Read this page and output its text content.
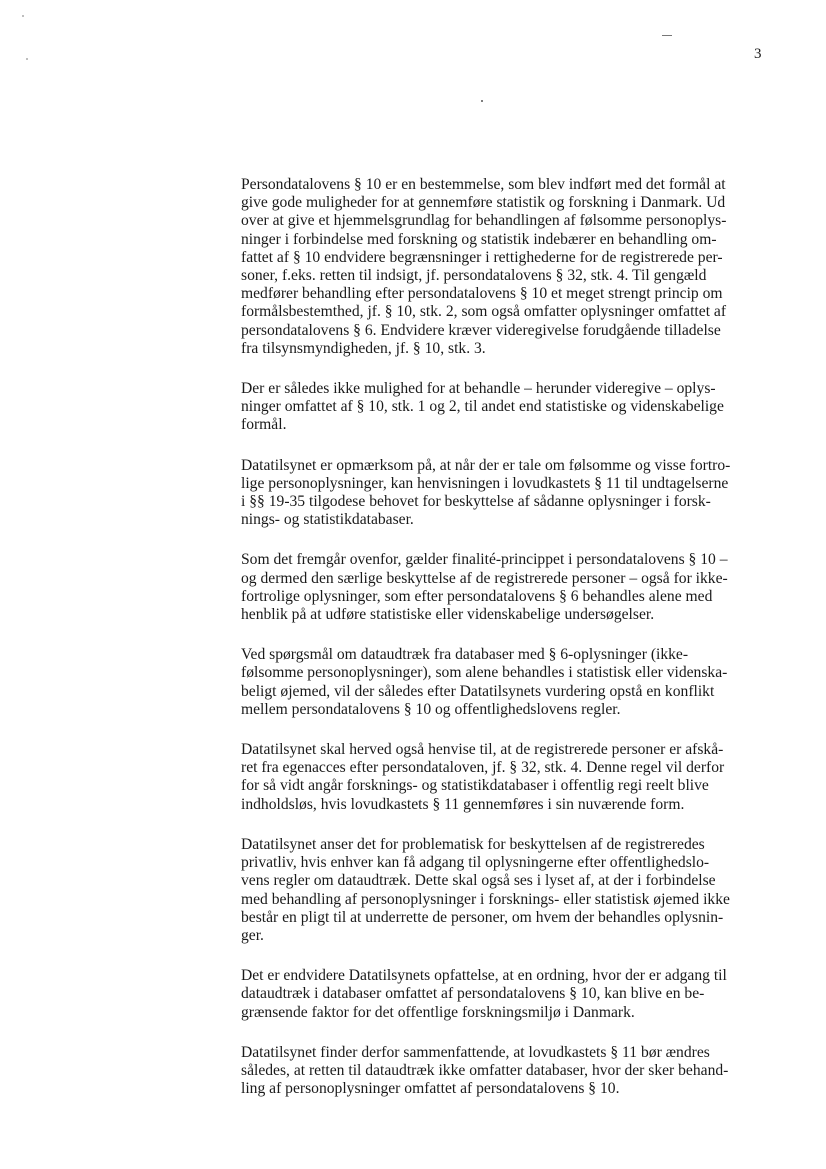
3

Persondatalovens § 10 er en bestemmelse, som blev indført med det formål at
give gode muligheder for at gennemføre statistik og forskning i Danmark. Ud
over at give et hjemmelsgrundlag for behandlingen af følsomme personoplys-
ninger i forbindelse med forskning og statistik indebærer en behandling om-
fattet af § 10 endvidere begrænsninger i rettighederne for de registrerede per-
soner, f.eks. retten til indsigt, jf. persondatalovens § 32, stk. 4. Til gengæld
medfører behandling efter persondatalovens § 10 et meget strengt princip om
formålsbestemthed, jf. § 10, stk. 2, som også omfatter oplysninger omfattet af
persondatalovens § 6. Endvidere kræver videregivelse forudgående tilladelse
fra tilsynsmyndigheden, jf. § 10, stk. 3.

Der er således ikke mulighed for at behandle – herunder videregive – oplys-
ninger omfattet af § 10, stk. 1 og 2, til andet end statistiske og videnskabelige
formål.

Datatilsynet er opmærksom på, at når der er tale om følsomme og visse fortro-
lige personoplysninger, kan henvisningen i lovudkastets § 11 til undtagelserne
i §§ 19-35 tilgodese behovet for beskyttelse af sådanne oplysninger i forsk-
nings- og statistikdatabaser.

Som det fremgår ovenfor, gælder finalité-princippet i persondatalovens § 10 –
og dermed den særlige beskyttelse af de registrerede personer – også for ikke-
fortrolige oplysninger, som efter persondatalovens § 6 behandles alene med
henblik på at udføre statistiske eller videnskabelige undersøgelser.

Ved spørgsmål om dataudtræk fra databaser med § 6-oplysninger (ikke-
følsomme personoplysninger), som alene behandles i statistisk eller videnska-
beligt øjemed, vil der således efter Datatilsynets vurdering opstå en konflikt
mellem persondatalovens § 10 og offentlighedslovens regler.

Datatilsynet skal herved også henvise til, at de registrerede personer er afskå-
ret fra egenacces efter persondataloven, jf. § 32, stk. 4. Denne regel vil derfor
for så vidt angår forsknings- og statistikdatabaser i offentlig regi reelt blive
indholdsløs, hvis lovudkastets § 11 gennemføres i sin nuværende form.

Datatilsynet anser det for problematisk for beskyttelsen af de registreredes
privatliv, hvis enhver kan få adgang til oplysningerne efter offentlighedslo-
vens regler om dataudtræk. Dette skal også ses i lyset af, at der i forbindelse
med behandling af personoplysninger i forsknings- eller statistisk øjemed ikke
består en pligt til at underrette de personer, om hvem der behandles oplysnin-
ger.

Det er endvidere Datatilsynets opfattelse, at en ordning, hvor der er adgang til
dataudtræk i databaser omfattet af persondatalovens § 10, kan blive en be-
grænsende faktor for det offentlige forskningsmiljø i Danmark.

Datatilsynet finder derfor sammenfattende, at lovudkastets § 11 bør ændres
således, at retten til dataudtræk ikke omfatter databaser, hvor der sker behand-
ling af personoplysninger omfattet af persondatalovens § 10.
